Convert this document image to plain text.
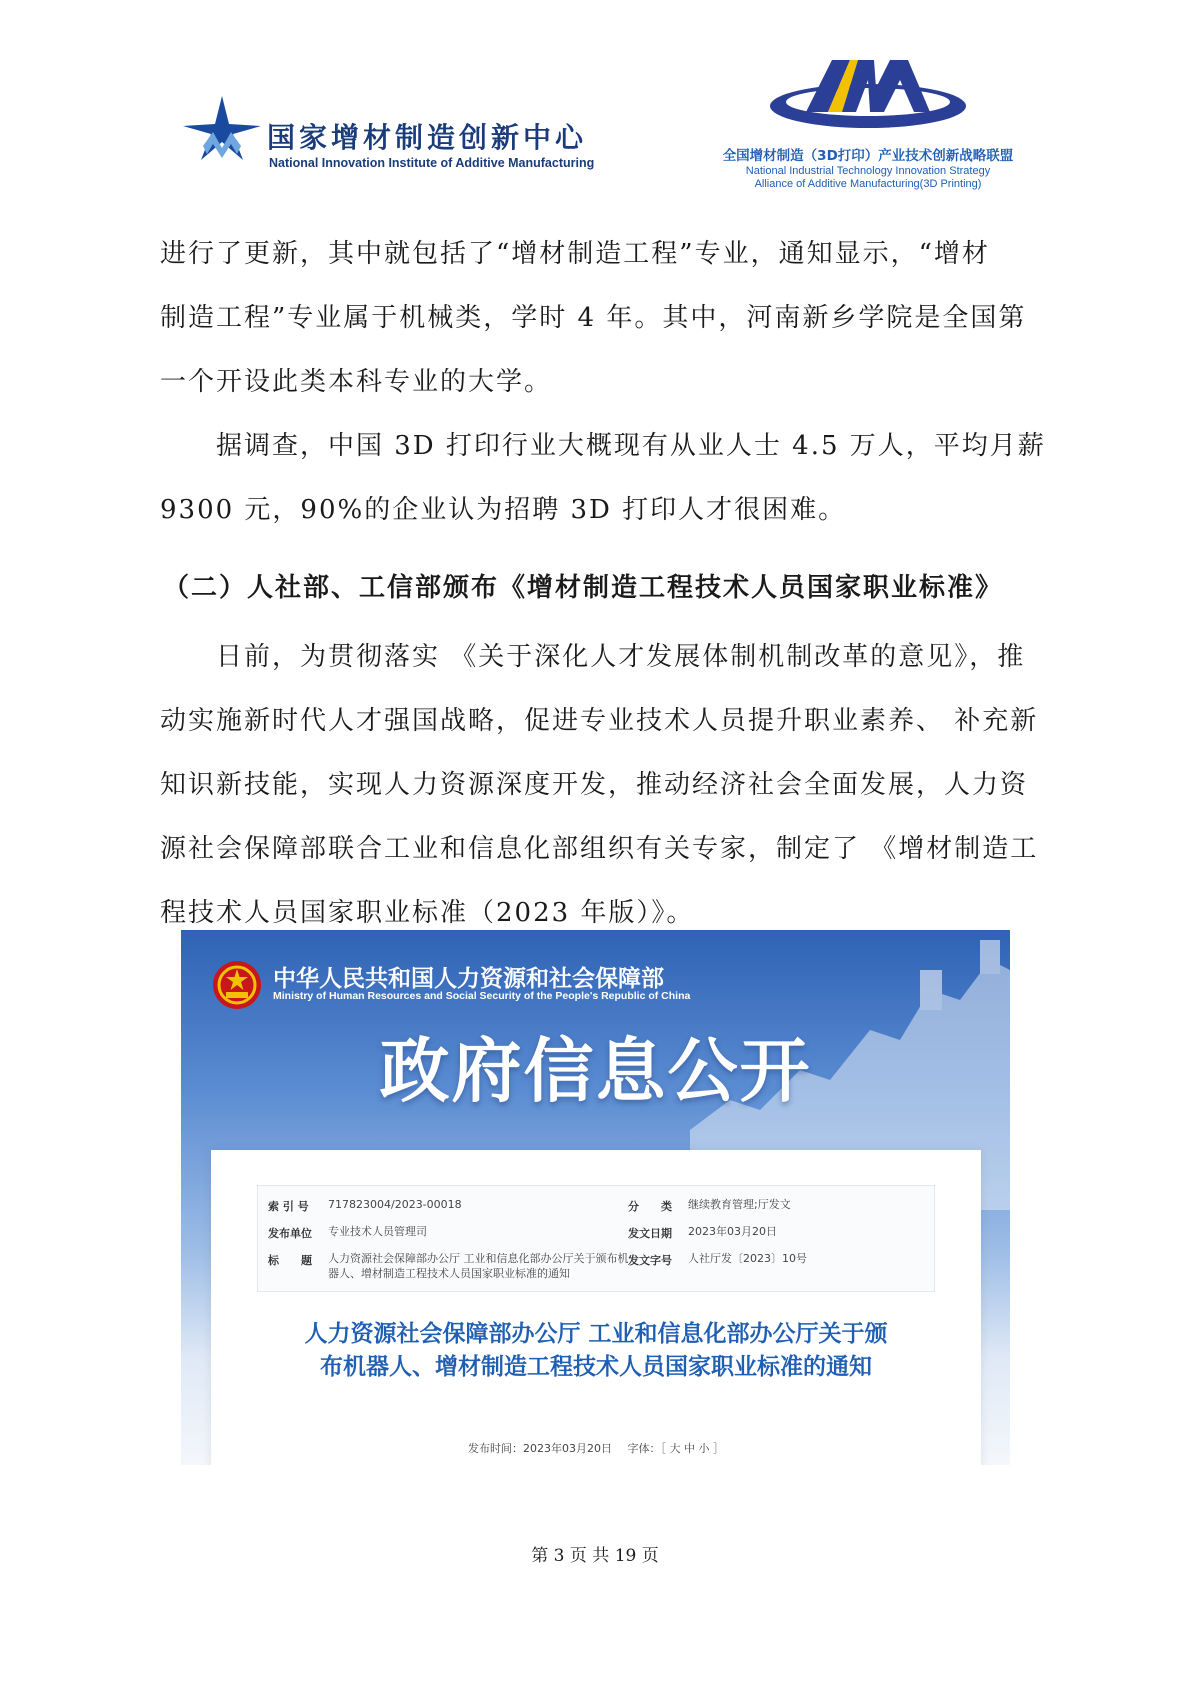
国家增材制造创新中心
National Innovation Institute of Additive Manufacturing	全国增材制造（3D打印）产业技术创新战略联盟
National Industrial Technology Innovation Strategy
Alliance of Additive Manufacturing(3D Printing)
进行了更新，其中就包括了“增材制造工程”专业，通知显示，“增材
制造工程”专业属于机械类，学时 4 年。其中，河南新乡学院是全国第
一个开设此类本科专业的大学。
据调查，中国 3D 打印行业大概现有从业人士 4.5 万人，平均月薪
9300 元，90%的企业认为招聘 3D 打印人才很困难。
（二）人社部、工信部颁布《增材制造工程技术人员国家职业标准》
日前，为贯彻落实 《关于深化人才发展体制机制改革的意见》，推
动实施新时代人才强国战略，促进专业技术人员提升职业素养、 补充新
知识新技能，实现人力资源深度开发，推动经济社会全面发展，人力资
源社会保障部联合工业和信息化部组织有关专家，制定了 《增材制造工
程技术人员国家职业标准（2023 年版）》。
中华人民共和国人力资源和社会保障部
Ministry of Human Resources and Social Security of the People's Republic of China
政府信息公开
索 引 号 717823004/2023-00018	分　　类 继续教育管理;厅发文
发布单位 专业技术人员管理司	发文日期 2023年03月20日
标　　题 人力资源社会保障部办公厅 工业和信息化部办公厅关于颁布机
器人、增材制造工程技术人员国家职业标准的通知
发文字号 人社厅发〔2023〕10号
人力资源社会保障部办公厅 工业和信息化部办公厅关于颁
布机器人、增材制造工程技术人员国家职业标准的通知
发布时间：2023年03月20日 字体：［ 大 中 小 ］
第 3 页 共 19 页
